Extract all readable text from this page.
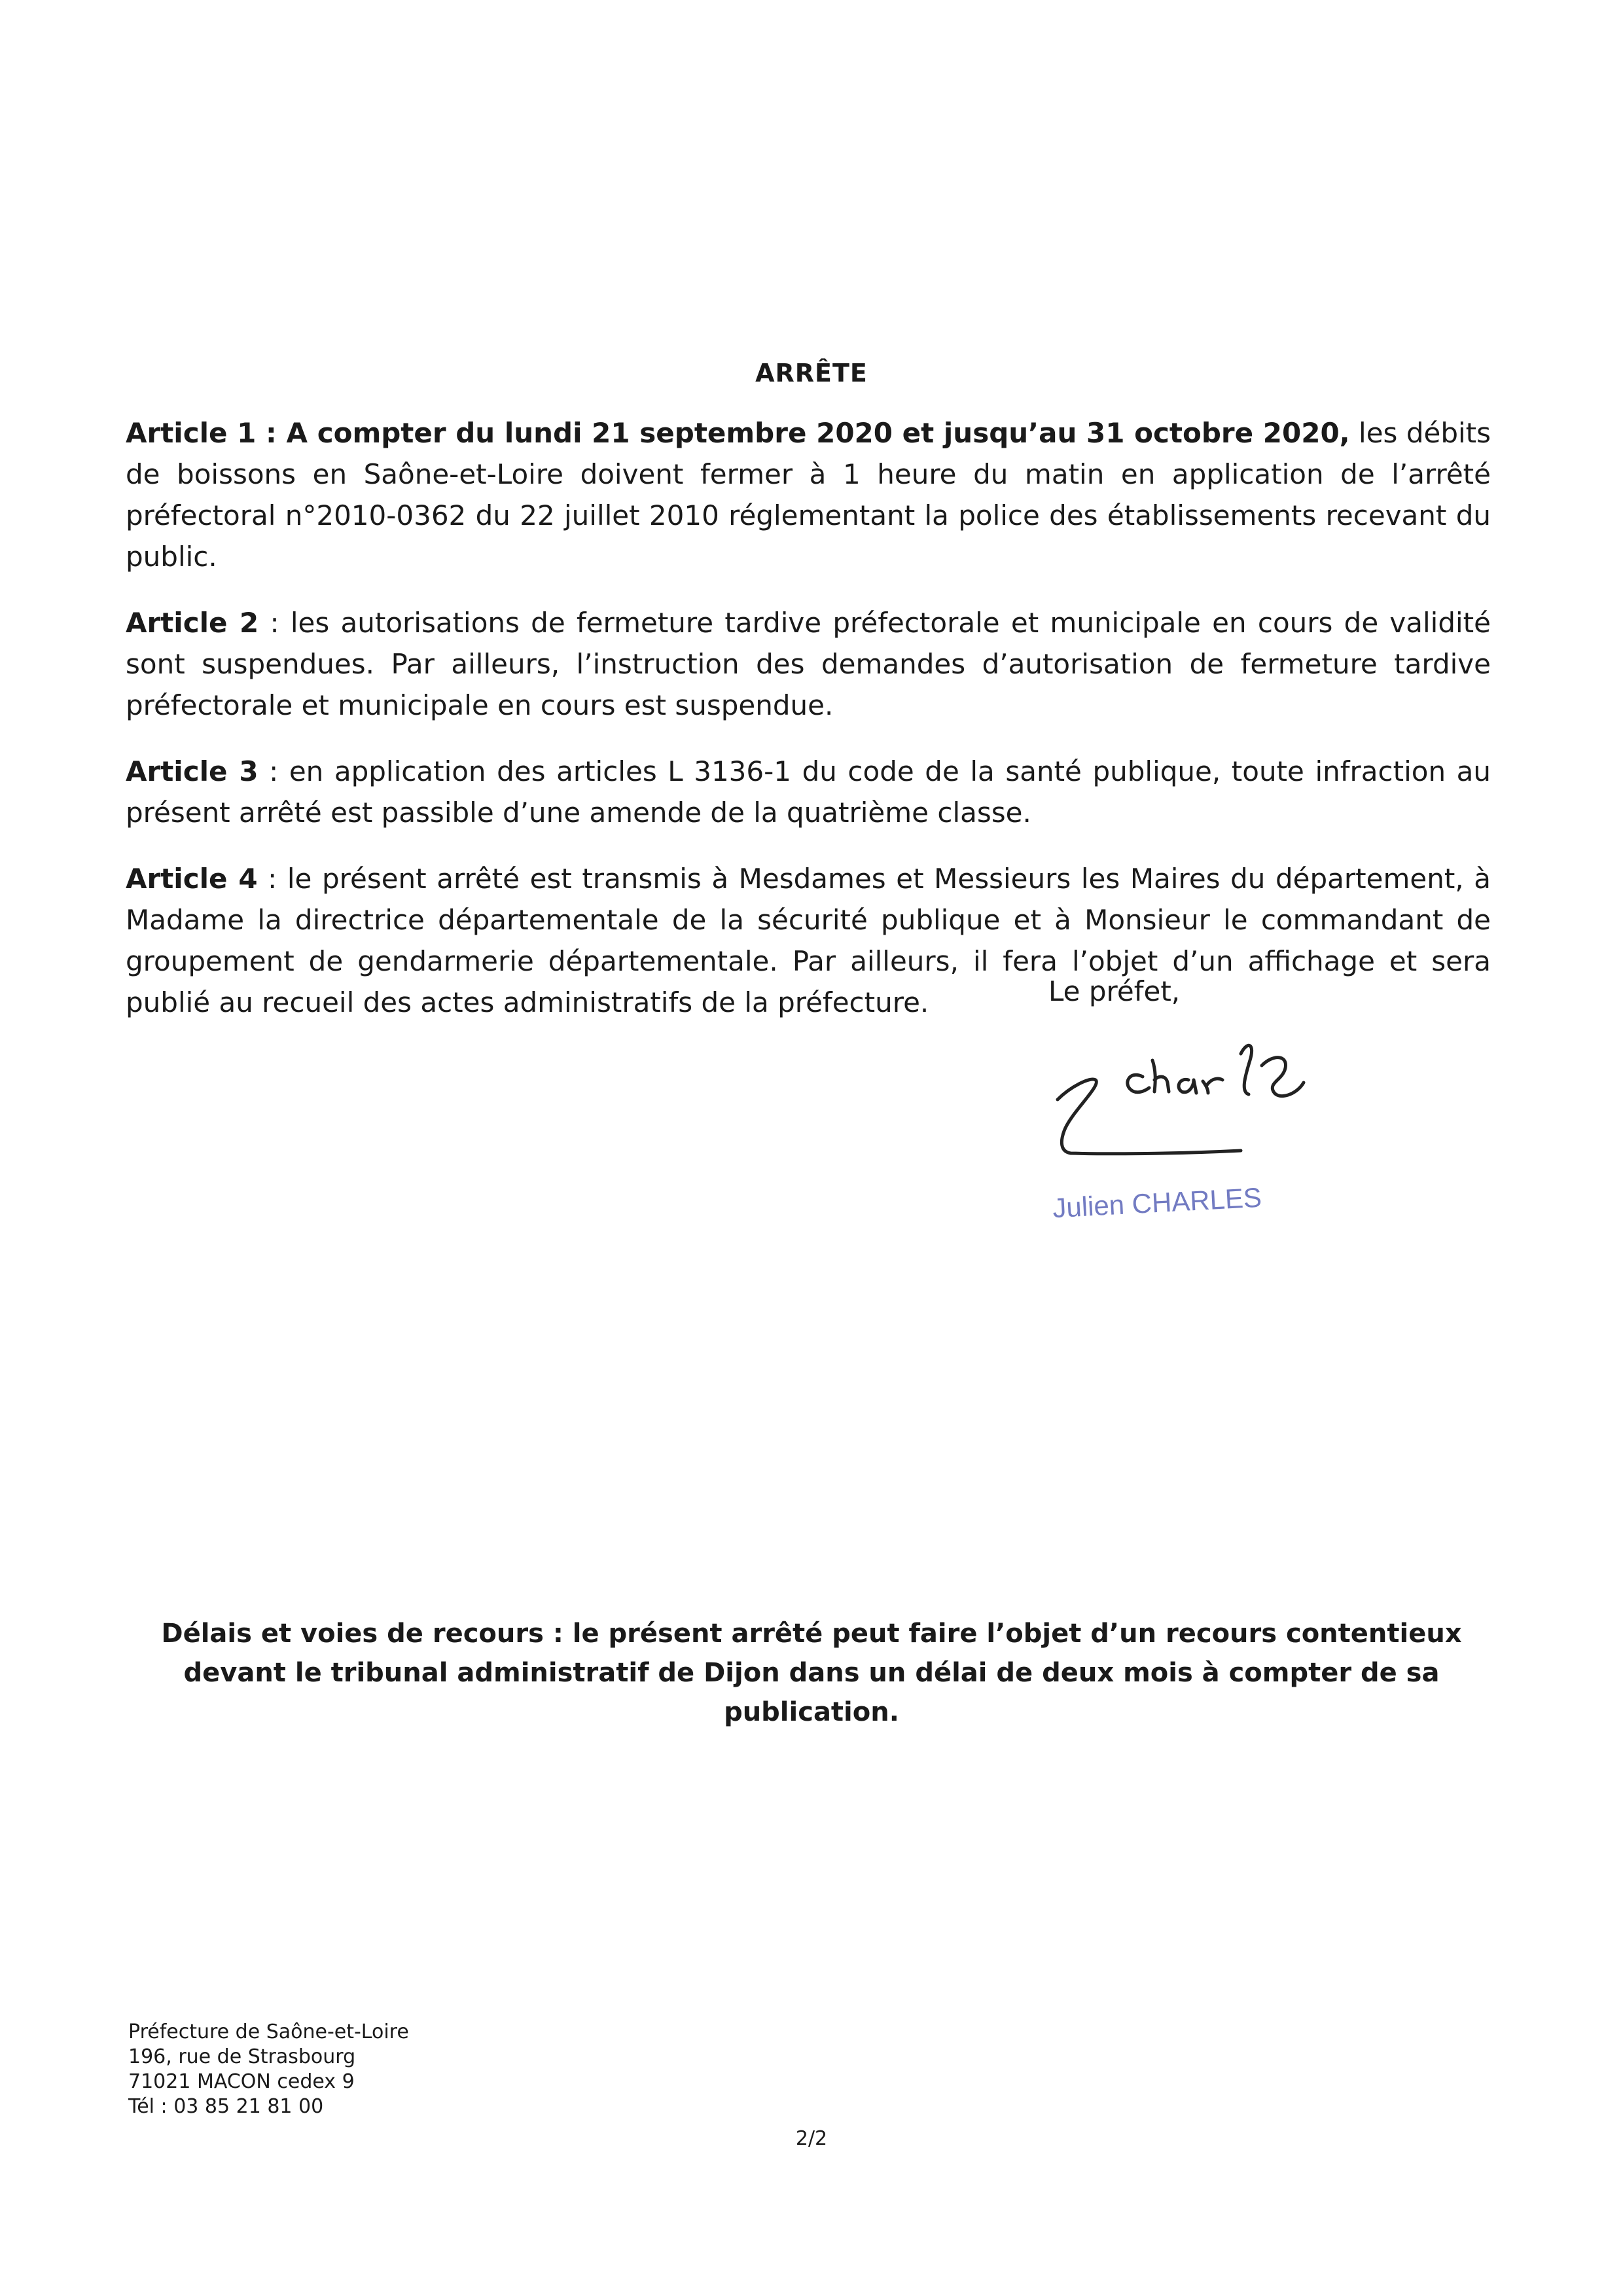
ARRÊTE

Article 1 : A compter du lundi 21 septembre 2020 et jusqu’au 31 octobre 2020, les débits de boissons en Saône-et-Loire doivent fermer à 1 heure du matin en application de l’arrêté préfectoral n°2010-0362 du 22 juillet 2010 réglementant la police des établissements recevant du public.

Article 2 : les autorisations de fermeture tardive préfectorale et municipale en cours de validité sont suspendues. Par ailleurs, l’instruction des demandes d’autorisation de fermeture tardive préfectorale et municipale en cours est suspendue.

Article 3 : en application des articles L 3136-1 du code de la santé publique, toute infraction au présent arrêté est passible d’une amende de la quatrième classe.

Article 4 : le présent arrêté est transmis à Mesdames et Messieurs les Maires du département, à Madame la directrice départementale de la sécurité publique et à Monsieur le commandant de groupement de gendarmerie départementale. Par ailleurs, il fera l’objet d’un affichage et sera publié au recueil des actes administratifs de la préfecture.	Le préfet,
Julien CHARLES
Délais et voies de recours : le présent arrêté peut faire l’objet d’un recours contentieux devant le tribunal administratif de Dijon dans un délai de deux mois à compter de sa publication.
Préfecture de Saône-et-Loire
196, rue de Strasbourg
71021 MACON cedex 9
Tél : 03 85 21 81 00
2/2
